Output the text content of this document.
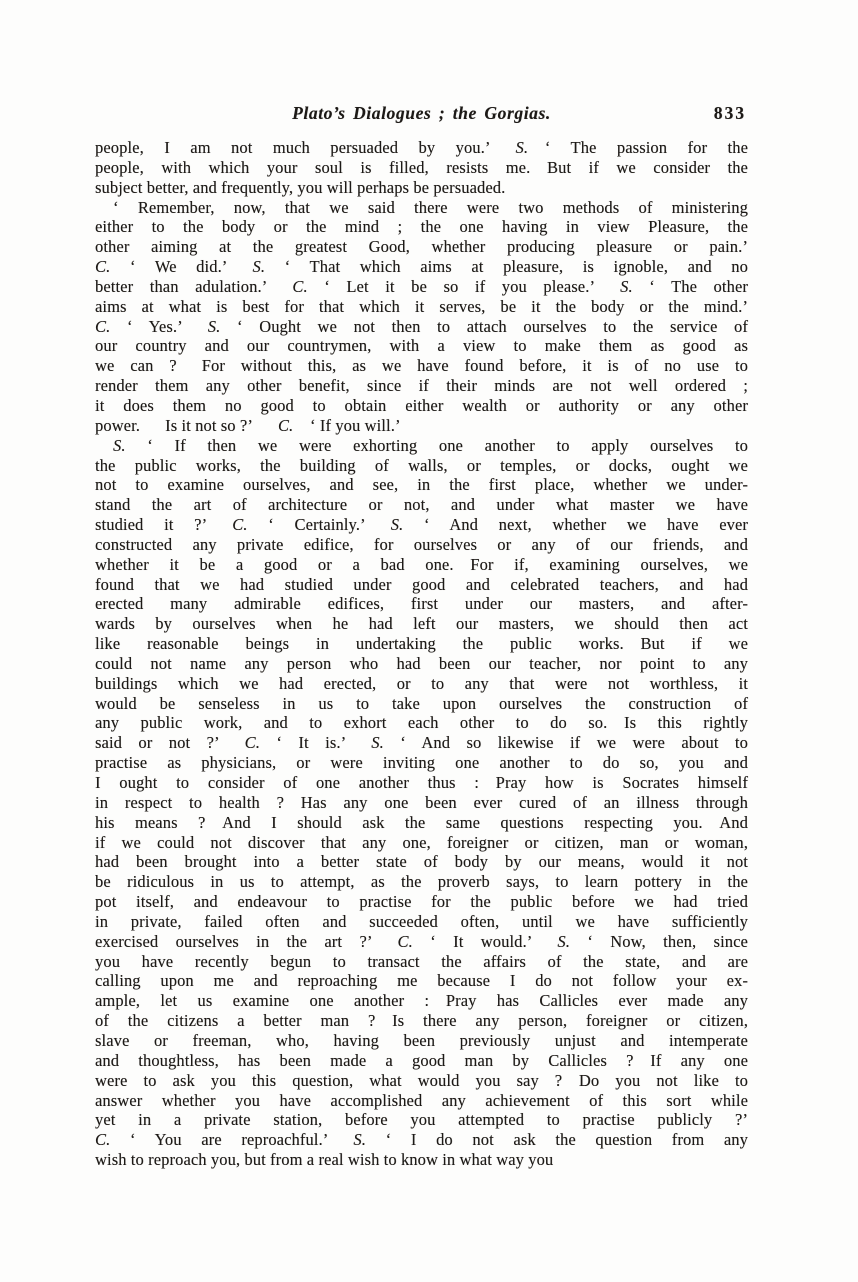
Plato’s Dialogues ; the Gorgias.	833
people, I am not much persuaded by you.’   S.  ‘ The passion for the
people, with which your soul is filled, resists me.  But if we consider the
subject better, and frequently, you will perhaps be persuaded.
‘ Remember, now, that we said there were two methods of ministering
either to the body or the mind ; the one having in view Pleasure, the
other aiming at the greatest Good, whether producing pleasure or pain.’
C. ‘ We did.’   S. ‘ That which aims at pleasure, is ignoble, and no
better than adulation.’   C. ‘ Let it be so if you please.’   S. ‘ The other
aims at what is best for that which it serves, be it the body or the mind.’
C. ‘ Yes.’   S. ‘ Ought we not then to attach ourselves to the service of
our country and our countrymen, with a view to make them as good as
we can ?   For without this, as we have found before, it is of no use to
render them any other benefit, since if their minds are not well ordered ;
it does them no good to obtain either wealth or authority or any other
power.   Is it not so ?’   C.  ‘ If you will.’
S. ‘ If then we were exhorting one another to apply ourselves to
the public works, the building of walls, or temples, or docks, ought we
not to examine ourselves, and see, in the first place, whether we under-
stand the art of architecture or not, and under what master we have
studied it ?’   C. ‘ Certainly.’   S. ‘ And next, whether we have ever
constructed any private edifice, for ourselves or any of our friends, and
whether it be a good or a bad one.  For if, examining ourselves, we
found that we had studied under good and celebrated teachers, and had
erected many admirable edifices, first under our masters, and after-
wards by ourselves when he had left our masters, we should then act
like reasonable beings in undertaking the public works.  But if we
could not name any person who had been our teacher, nor point to any
buildings which we had erected, or to any that were not worthless, it
would be senseless in us to take upon ourselves the construction of
any public work, and to exhort each other to do so.  Is this rightly
said or not ?’   C. ‘ It is.’   S. ‘ And so likewise if we were about to
practise as physicians, or were inviting one another to do so, you and
I ought to consider of one another thus :  Pray how is Socrates himself
in respect to health ?  Has any one been ever cured of an illness through
his means ?  And I should ask the same questions respecting you.  And
if we could not discover that any one, foreigner or citizen, man or woman,
had been brought into a better state of body by our means, would it not
be ridiculous in us to attempt, as the proverb says, to learn pottery in the
pot itself, and endeavour to practise for the public before we had tried
in private, failed often and succeeded often, until we have sufficiently
exercised ourselves in the art ?’   C. ‘ It would.’   S. ‘ Now, then, since
you have recently begun to transact the affairs of the state, and are
calling upon me and reproaching me because I do not follow your ex-
ample, let us examine one another :  Pray has Callicles ever made any
of the citizens a better man ?  Is there any person, foreigner or citizen,
slave or freeman, who, having been previously unjust and intemperate
and thoughtless, has been made a good man by Callicles ?  If any one
were to ask you this question, what would you say ?  Do you not like to
answer whether you have accomplished any achievement of this sort while
yet in a private station, before you attempted to practise publicly ?’
C. ‘ You are reproachful.’   S. ‘ I do not ask the question from any
wish to reproach you, but from a real wish to know in what way you
